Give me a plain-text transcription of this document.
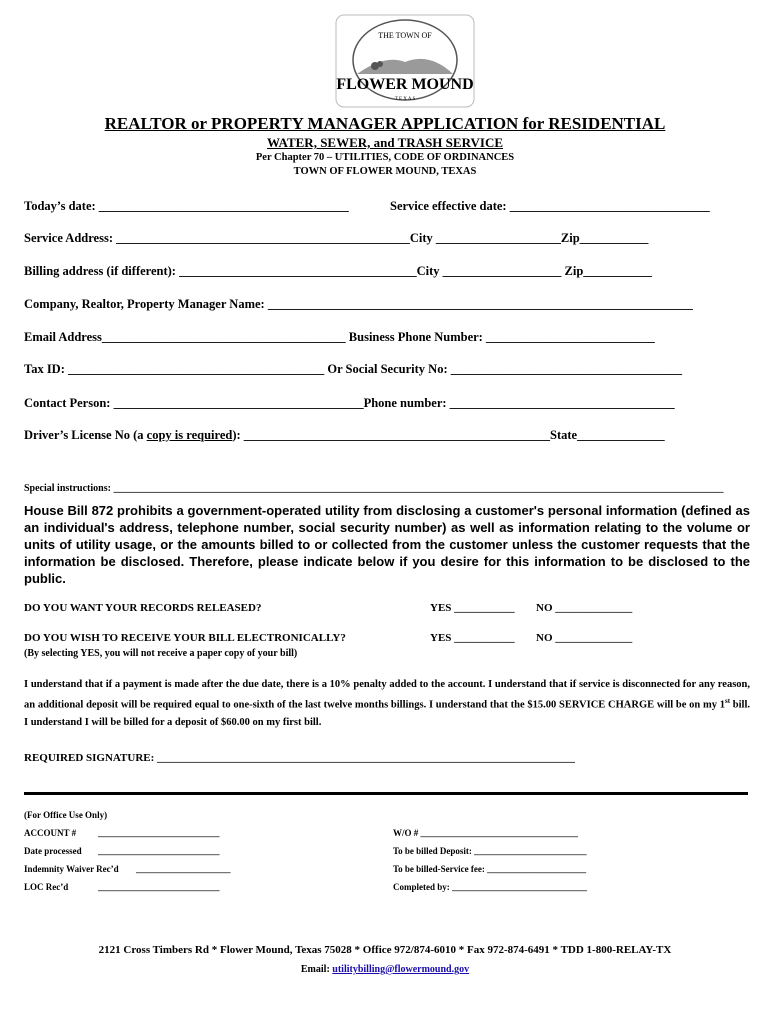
THE TOWN OF
FLOWER MOUND
T E X A S
REALTOR or PROPERTY MANAGER APPLICATION for RESIDENTIAL
WATER, SEWER, and TRASH SERVICE
Per Chapter 70 – UTILITIES, CODE OF ORDINANCES
TOWN OF FLOWER MOUND, TEXAS
Today’s date: ________________________________________	Service effective date: ________________________________
Service Address: _______________________________________________City ____________________Zip___________
Billing address (if different): ______________________________________City ___________________ Zip___________
Company, Realtor, Property Manager Name: ____________________________________________________________________
Email Address_______________________________________ Business Phone Number: ___________________________
Tax ID: _________________________________________ Or Social Security No: _____________________________________
Contact Person: ________________________________________Phone number: ____________________________________
Driver’s License No (a copy is required): _________________________________________________State______________
Special instructions: __________________________________________________________________________________________________________________________
House Bill 872 prohibits a government-operated utility from disclosing a customer's personal information (defined as an individual's address, telephone number, social security number) as well as information relating to the volume or units of utility usage, or the amounts billed to or collected from the customer unless the customer requests that the information be disclosed. Therefore, please indicate below if you desire for this information to be disclosed to the public.
DO YOU WANT YOUR RECORDS RELEASED?	YES ___________ NO ______________
DO YOU WISH TO RECEIVE YOUR BILL ELECTRONICALLY?	YES ___________ NO ______________
(By selecting YES, you will not receive a paper copy of your bill)
I understand that if a payment is made after the due date, there is a 10% penalty added to the account. I understand that if service is disconnected for any reason, an additional deposit will be required equal to one-sixth of the last twelve months billings. I understand that the $15.00 SERVICE CHARGE will be on my 1st bill. I understand I will be billed for a deposit of $60.00 on my first bill.
REQUIRED SIGNATURE: ____________________________________________________________________________
(For Office Use Only)
ACCOUNT # ___________________________
Date processed ___________________________
Indemnity Waiver Rec’d _____________________
LOC Rec’d	___________________________
W/O # ___________________________________
To be billed Deposit: _________________________
To be billed-Service fee: ______________________
Completed by: ______________________________
2121 Cross Timbers Rd * Flower Mound, Texas 75028 * Office 972/874-6010 * Fax 972-874-6491 * TDD 1-800-RELAY-TX
Email: utilitybilling@flowermound.gov
